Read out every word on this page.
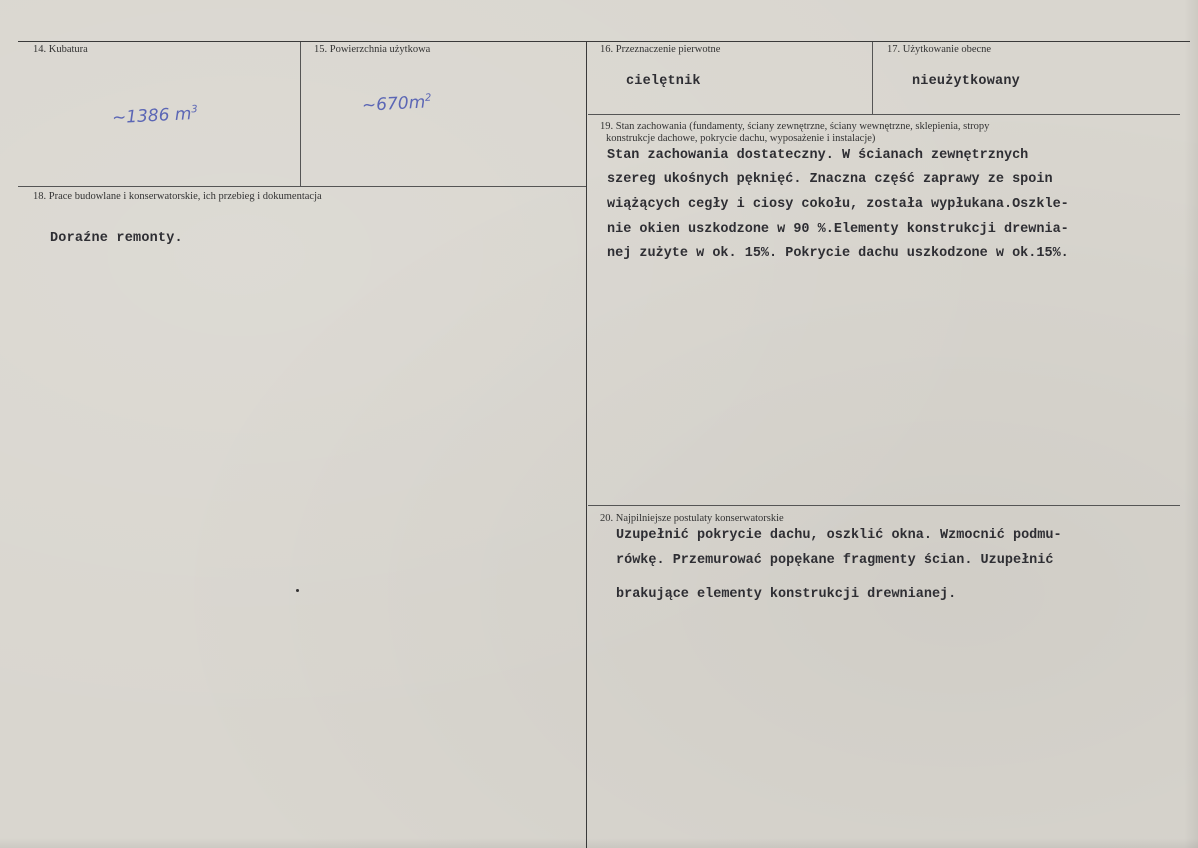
14. Kubatura
~1386 $m^3$
15. Powierzchnia użytkowa
$\sim 670m^2$
16. Przeznaczenie pierwotne
cielętnik
17. Użytkowanie obecne
nieużytkowany
18. Prace budowlane i konserwatorskie, ich przebieg i dokumentacja
Doraźne remonty.
19. Stan zachowania (fundamenty, ściany zewnętrzne, ściany wewnętrzne, sklepienia, stropy
konstrukcje dachowe, pokrycie dachu, wyposażenie i instalacje)
Stan zachowania dostateczny. W ścianach zewnętrznych
szereg ukośnych pęknięć. Znaczna część zaprawy ze spoin
wiążących cegły i ciosy cokołu, została wypłukana.Oszkle-
nie okien uszkodzone w 90 %.Elementy konstrukcji drewnia-
nej zużyte w ok. 15%. Pokrycie dachu uszkodzone w ok.15%.
20. Najpilniejsze postulaty konserwatorskie
Uzupełnić pokrycie dachu, oszklić okna. Wzmocnić podmu-
rówkę. Przemurować popękane fragmenty ścian. Uzupełnić
brakujące elementy konstrukcji drewnianej.
